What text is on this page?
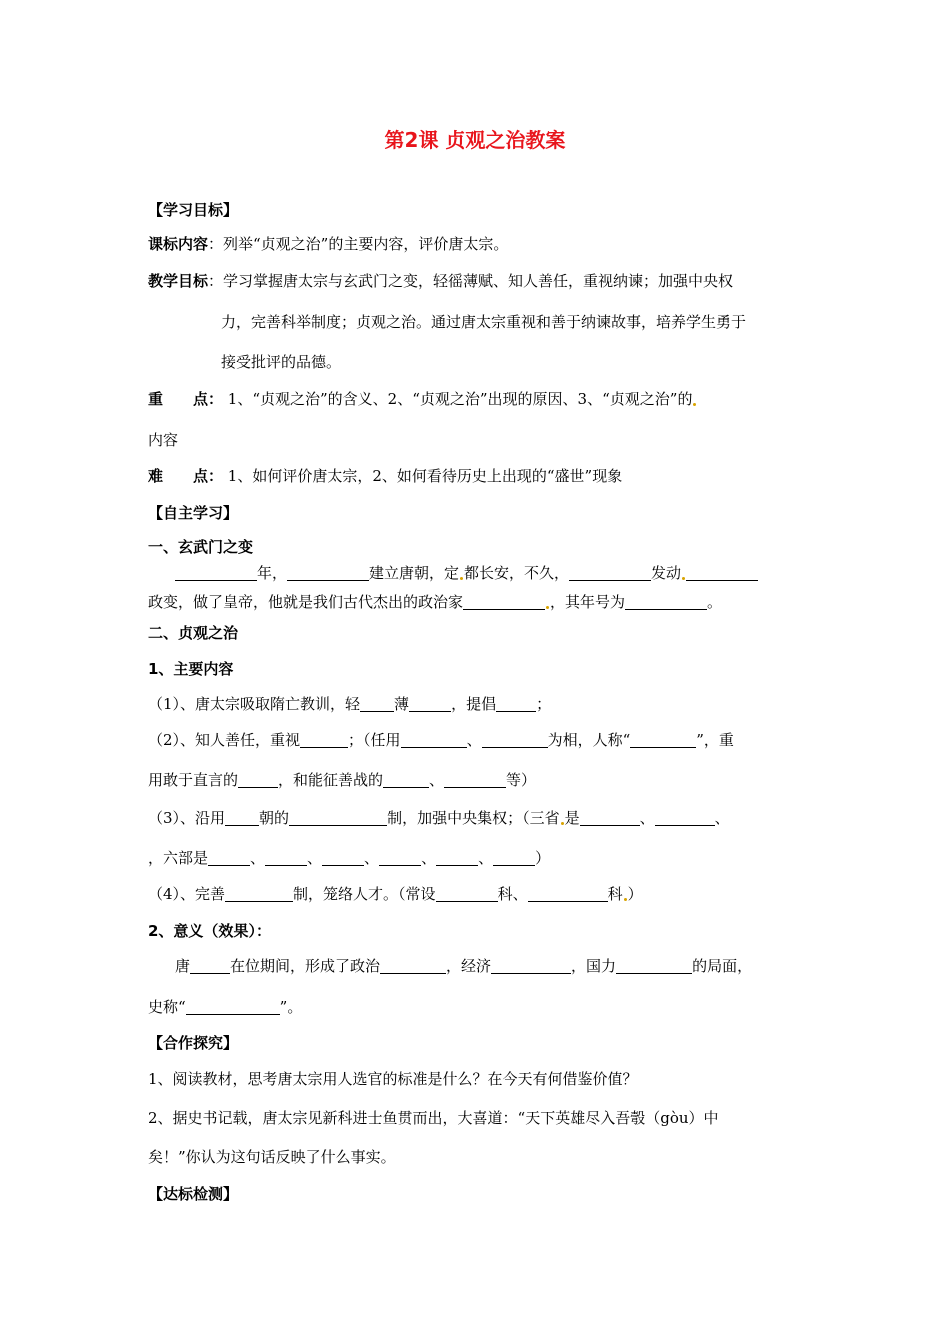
第2课 贞观之治教案
【学习目标】
课标内容：列举“贞观之治”的主要内容，评价唐太宗。
教学目标：学习掌握唐太宗与玄武门之变，轻徭薄赋、知人善任，重视纳谏；加强中央权
力，完善科举制度；贞观之治。通过唐太宗重视和善于纳谏故事，培养学生勇于
接受批评的品德。
重　　点： 1、“贞观之治”的含义、2、“贞观之治”出现的原因、3、“贞观之治”的
内容
难　　点： 1、如何评价唐太宗，2、如何看待历史上出现的“盛世”现象
【自主学习】
一、玄武门之变
年，	建立唐朝，定 都长安，不久，	发动
政变，做了皇帝，他就是我们古代杰出的政治家	，其年号为	。
二、贞观之治
1、主要内容
（1）、唐太宗吸取隋亡教训，轻 薄	，提倡	；
（2）、知人善任，重视	；（任用	、	为相，人称“	”，重
用敢于直言的	，和能征善战的	、	等）
（3）、沿用 朝的	制，加强中央集权；（三省 是	、	、
，六部是	、	、	、	、	、	）
（4）、完善	制，笼络人才。（常设	科、	科 ）
2、意义（效果）：
唐	在位期间，形成了政治	，经济	，国力	的局面，
史称“	”。
【合作探究】
1、阅读教材，思考唐太宗用人选官的标准是什么？在今天有何借鉴价值？
2、据史书记载，唐太宗见新科进士鱼贯而出，大喜道：“天下英雄尽入吾彀（gòu）中
矣！”你认为这句话反映了什么事实。
【达标检测】
